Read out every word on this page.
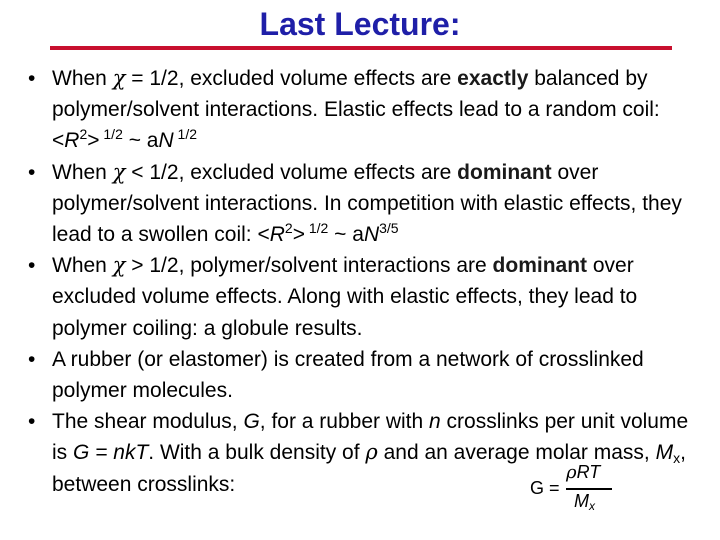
Last Lecture:
• When χ = 1/2, excluded volume effects are exactly balanced by polymer/solvent interactions. Elastic effects lead to a random coil: $<R^2> ^{1/2}$ ~ aN $^{1/2}$
• When χ < 1/2, excluded volume effects are dominant over polymer/solvent interactions. In competition with elastic effects, they lead to a swollen coil: $<R^2> ^{1/2}$ ~ $aN^{3/5}$
• When χ > 1/2, polymer/solvent interactions are dominant over excluded volume effects. Along with elastic effects, they lead to polymer coiling: a globule results.
• A rubber (or elastomer) is created from a network of crosslinked polymer molecules.
• The shear modulus, G, for a rubber with n crosslinks per unit volume is G = nkT. With a bulk density of ρ and an average molar mass, $M_x$, between crosslinks:	G =
ρRT
$M_x$
